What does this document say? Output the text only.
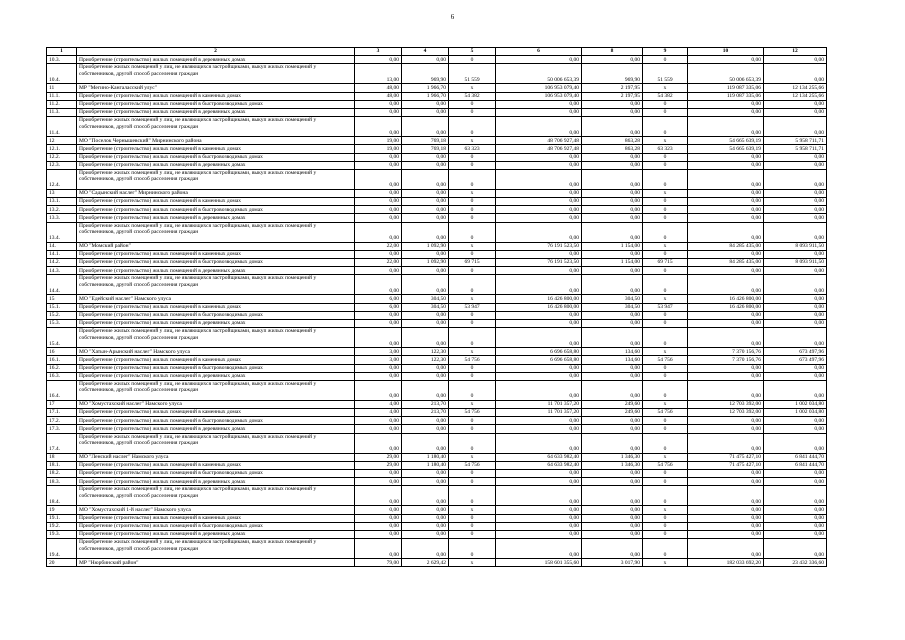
6
1	2	3	4	5	6	8	9	10	12
10.3.	Приобретение (строительство) жилых помещений в деревянных домах	0,00	0,00	0	0,00	0,00	0	0,00	0,00
10.4.	Приобретение жилых помещений у лиц, не являющихся застройщиками, выкуп жилых помещений у собственников, другой способ расселения граждан	13,00	969,90	51 559	50 006 653,39	969,90	51 559	50 006 653,39	0,00
11	МР "Мегино-Кангаласский улус"	48,00	1 966,70	x	106 953 079,40	2 197,95	x	119 087 335,06	12 134 255,66
11.1.	Приобретение (строительство) жилых помещений в каменных домах	48,00	1 966,70	54 382	106 953 079,40	2 197,95	54 382	119 087 335,06	12 134 255,66
11.2.	Приобретение (строительство) жилых помещений в быстровозводимых домах	0,00	0,00	0	0,00	0,00	0	0,00	0,00
11.3.	Приобретение (строительство) жилых помещений в деревянных домах	0,00	0,00	0	0,00	0,00	0	0,00	0,00
11.4.	Приобретение жилых помещений у лиц, не являющихся застройщиками, выкуп жилых помещений у собственников, другой способ расселения граждан	0,00	0,00	0	0,00	0,00	0	0,00	0,00
12	МО "Поселок Чернышевский" Мирнинского района	19,00	769,18	x	48 706 927,48	863,28	x	54 665 639,19	5 958 711,71
12.1.	Приобретение (строительство) жилых помещений в каменных домах	19,00	769,18	63 323	48 706 927,48	863,28	63 323	54 665 639,19	5 958 711,71
12.2.	Приобретение (строительство) жилых помещений в быстровозводимых домах	0,00	0,00	0	0,00	0,00	0	0,00	0,00
12.3.	Приобретение (строительство) жилых помещений в деревянных домах	0,00	0,00	0	0,00	0,00	0	0,00	0,00
12.4.	Приобретение жилых помещений у лиц, не являющихся застройщиками, выкуп жилых помещений у собственников, другой способ расселения граждан	0,00	0,00	0	0,00	0,00	0	0,00	0,00
13	МО "Садынский наслег" Мирнинского района	0,00	0,00	x	0,00	0,00	x	0,00	0,00
13.1.	Приобретение (строительство) жилых помещений в каменных домах	0,00	0,00	0	0,00	0,00	0	0,00	0,00
13.2.	Приобретение (строительство) жилых помещений в быстровозводимых домах	0,00	0,00	0	0,00	0,00	0	0,00	0,00
13.3.	Приобретение (строительство) жилых помещений в деревянных домах	0,00	0,00	0	0,00	0,00	0	0,00	0,00
13.4.	Приобретение жилых помещений у лиц, не являющихся застройщиками, выкуп жилых помещений у собственников, другой способ расселения граждан	0,00	0,00	0	0,00	0,00	0	0,00	0,00
14.	МО "Момский район"	22,00	1 092,90	x	76 191 523,50	1 154,00	x	84 285 435,00	8 093 911,50
14.1.	Приобретение (строительство) жилых помещений в каменных домах	0,00	0,00	0	0,00	0,00	0	0,00	0,00
14.2.	Приобретение (строительство) жилых помещений в быстровозводимых домах	22,00	1 092,90	69 715	76 191 523,50	1 154,00	69 715	84 285 435,00	8 093 911,50
14.3.	Приобретение (строительство) жилых помещений в деревянных домах	0,00	0,00	0	0,00	0,00	0	0,00	0,00
14.4.	Приобретение жилых помещений у лиц, не являющихся застройщиками, выкуп жилых помещений у собственников, другой способ расселения граждан	0,00	0,00	0	0,00	0,00	0	0,00	0,00
15	МО "Едейский наслег" Намского улуса	6,00	304,50	x	16 426 800,00	304,50	x	16 426 800,00	0,00
15.1.	Приобретение (строительство) жилых помещений в каменных домах	6,00	304,50	53 947	16 426 800,00	304,50	53 947	16 426 800,00	0,00
15.2.	Приобретение (строительство) жилых помещений в быстровозводимых домах	0,00	0,00	0	0,00	0,00	0	0,00	0,00
15.3.	Приобретение (строительство) жилых помещений в деревянных домах	0,00	0,00	0	0,00	0,00	0	0,00	0,00
15.4.	Приобретение жилых помещений у лиц, не являющихся застройщиками, выкуп жилых помещений у собственников, другой способ расселения граждан	0,00	0,00	0	0,00	0,00	0	0,00	0,00
16	МО "Хатын-Арынский наслег" Намского улуса	3,00	122,30	x	6 696 658,80	134,60	x	7 370 156,76	673 497,96
16.1.	Приобретение (строительство) жилых помещений в каменных домах	3,00	122,30	54 756	6 696 658,80	134,60	54 756	7 370 156,76	673 497,96
16.2.	Приобретение (строительство) жилых помещений в быстровозводимых домах	0,00	0,00	0	0,00	0,00	0	0,00	0,00
16.3.	Приобретение (строительство) жилых помещений в деревянных домах	0,00	0,00	0	0,00	0,00	0	0,00	0,00
16.4.	Приобретение жилых помещений у лиц, не являющихся застройщиками, выкуп жилых помещений у собственников, другой способ расселения граждан	0,00	0,00	0	0,00	0,00	0	0,00	0,00
17	МО "Хомустахский наслег" Намского улуса	4,00	213,70	x	11 701 357,20	249,60	x	12 703 392,00	1 002 034,80
17.1.	Приобретение (строительство) жилых помещений в каменных домах	4,00	213,70	54 756	11 701 357,20	249,60	54 756	12 703 392,00	1 002 034,80
17.2.	Приобретение (строительство) жилых помещений в быстровозводимых домах	0,00	0,00	0	0,00	0,00	0	0,00	0,00
17.3.	Приобретение (строительство) жилых помещений в деревянных домах	0,00	0,00	0	0,00	0,00	0	0,00	0,00
17.4.	Приобретение жилых помещений у лиц, не являющихся застройщиками, выкуп жилых помещений у собственников, другой способ расселения граждан	0,00	0,00	0	0,00	0,00	0	0,00	0,00
18	МО "Ленский наслег" Намского улуса	29,00	1 180,40	x	64 633 982,40	1 346,30	x	71 475 427,10	6 841 444,70
18.1.	Приобретение (строительство) жилых помещений в каменных домах	29,00	1 180,40	54 756	64 633 982,40	1 346,30	54 756	71 475 427,10	6 841 444,70
18.2.	Приобретение (строительство) жилых помещений в быстровозводимых домах	0,00	0,00	0	0,00	0,00	0	0,00	0,00
18.3.	Приобретение (строительство) жилых помещений в деревянных домах	0,00	0,00	0	0,00	0,00	0	0,00	0,00
18.4.	Приобретение жилых помещений у лиц, не являющихся застройщиками, выкуп жилых помещений у собственников, другой способ расселения граждан	0,00	0,00	0	0,00	0,00	0	0,00	0,00
19	МО "Хомустахский 1-й наслег" Намского улуса	0,00	0,00	x	0,00	0,00	x	0,00	0,00
19.1.	Приобретение (строительство) жилых помещений в каменных домах	0,00	0,00	0	0,00	0,00	0	0,00	0,00
19.2.	Приобретение (строительство) жилых помещений в быстровозводимых домах	0,00	0,00	0	0,00	0,00	0	0,00	0,00
19.3.	Приобретение (строительство) жилых помещений в деревянных домах	0,00	0,00	0	0,00	0,00	0	0,00	0,00
19.4.	Приобретение жилых помещений у лиц, не являющихся застройщиками, выкуп жилых помещений у собственников, другой способ расселения граждан	0,00	0,00	0	0,00	0,00	0	0,00	0,00
20	МР "Нюрбинский район"	79,00	2 629,42	x	158 601 355,60	3 017,90	x	182 033 692,20	23 432 336,60
